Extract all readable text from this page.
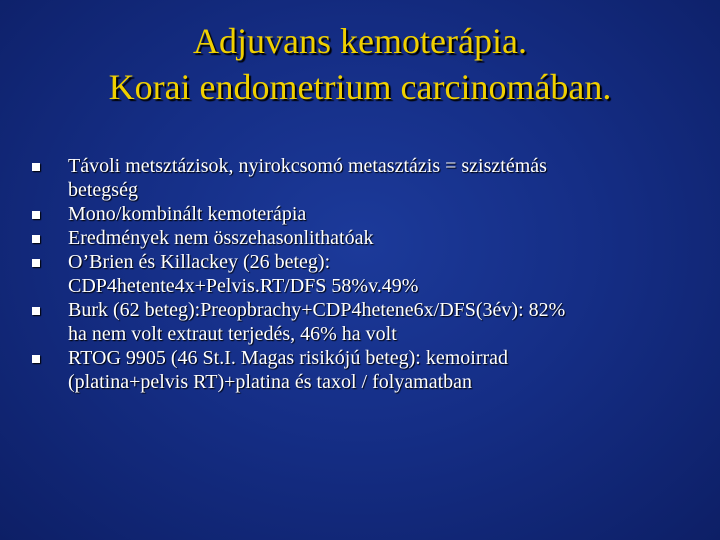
Adjuvans kemoterápia.
Korai endometrium carcinomában.
Távoli metsztázisok, nyirokcsomó metasztázis = szisztémás
betegség
Mono/kombinált kemoterápia
Eredmények nem összehasonlithatóak
O’Brien és Killackey (26 beteg):
CDP4hetente4x+Pelvis.RT/DFS 58%v.49%
Burk (62 beteg):Preopbrachy+CDP4hetene6x/DFS(3év): 82%
ha nem volt extraut terjedés, 46% ha volt
RTOG 9905 (46 St.I. Magas risikójú beteg): kemoirrad
(platina+pelvis RT)+platina és taxol / folyamatban
